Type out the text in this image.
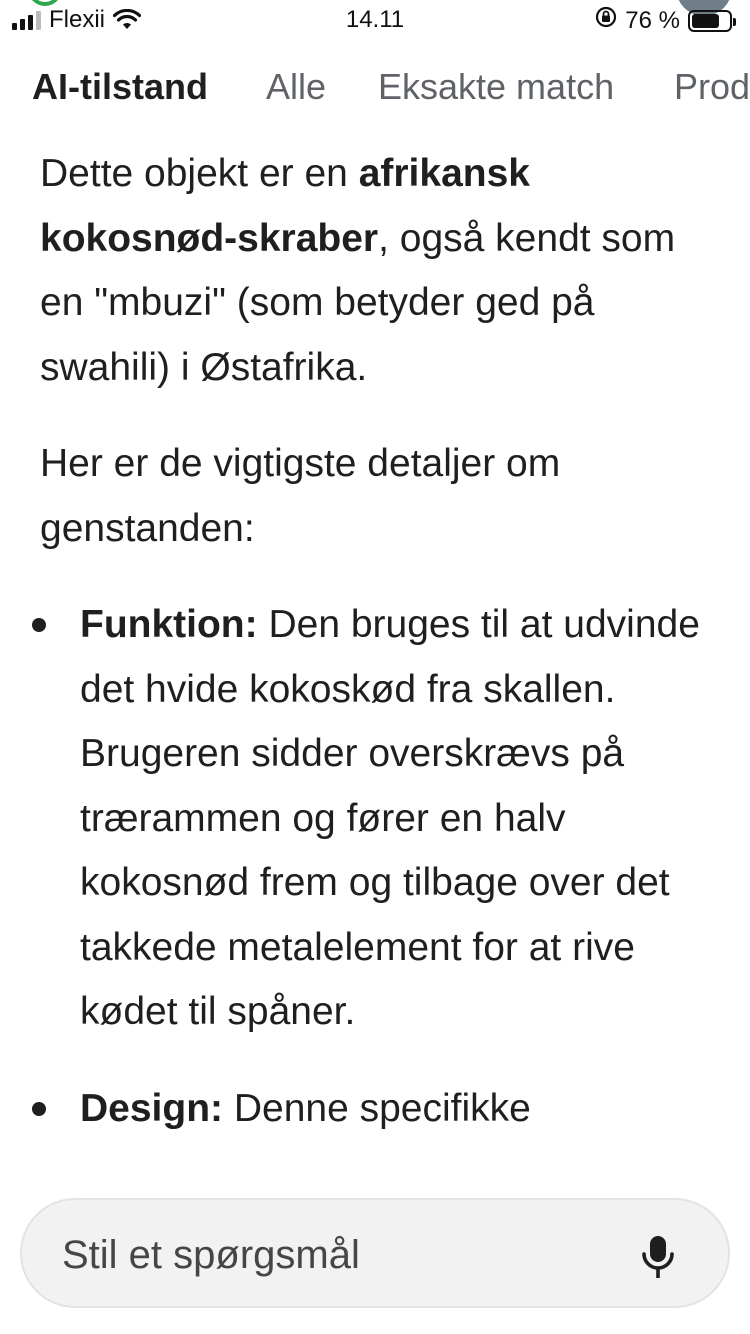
Flexii	14.11	76 %
AI-tilstand Alle Eksakte match Prod

Dette objekt er en afrikansk kokosnød-skraber, også kendt som en "mbuzi" (som betyder ged på swahili) i Østafrika.

Her er de vigtigste detaljer om genstanden:

Funktion: Den bruges til at udvinde det hvide kokoskød fra skallen. Brugeren sidder overskrævs på trærammen og fører en halv kokosnød frem og tilbage over det takkede metalelement for at rive kødet til spåner.
Design: Denne specifikke
Stil et spørgsmål
